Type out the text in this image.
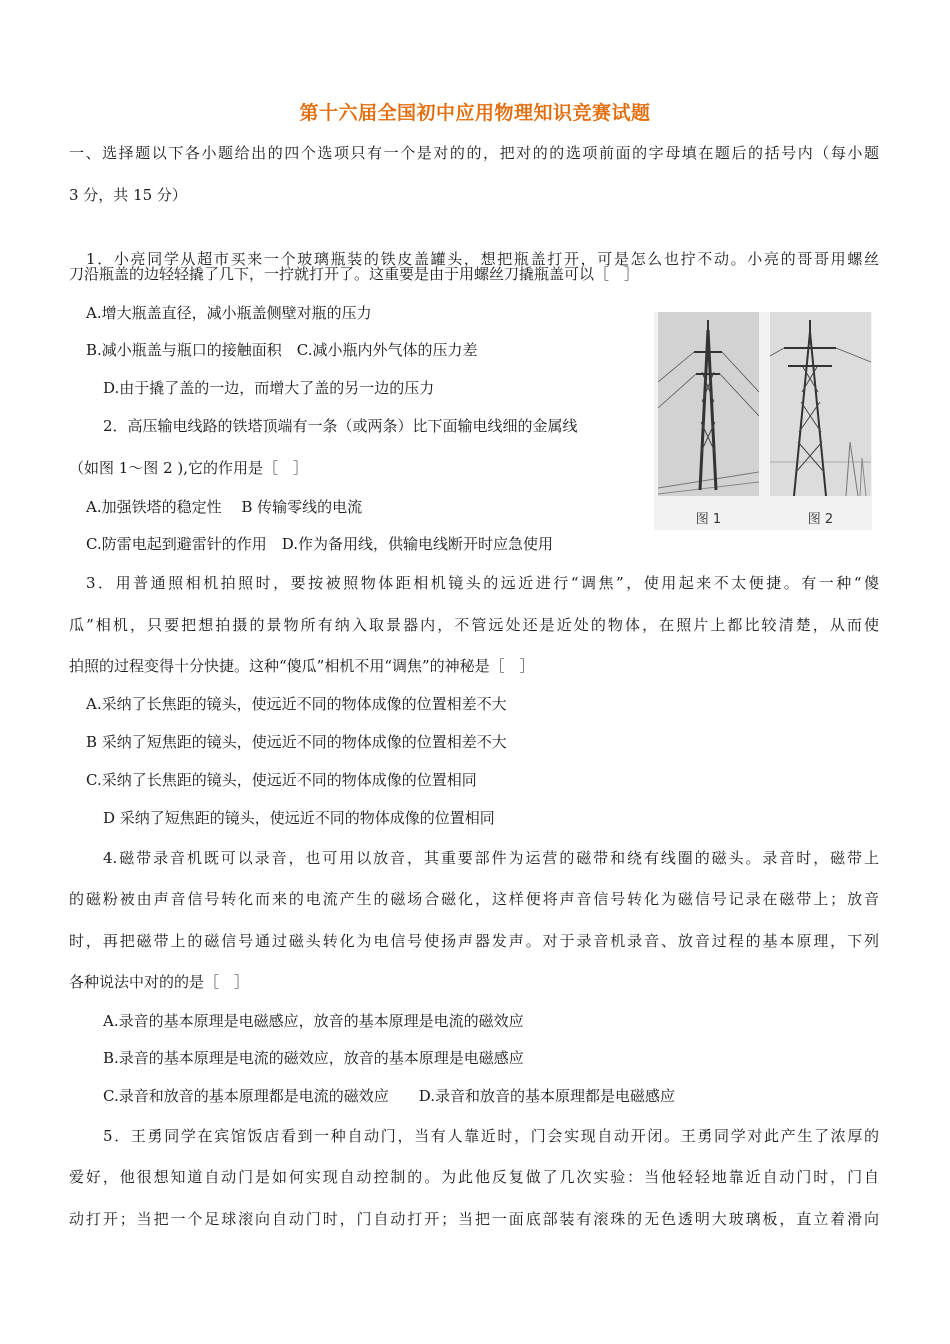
第十六届全国初中应用物理知识竞赛试题
一、选择题以下各小题给出的四个选项只有一个是对的的，把对的的选项前面的字母填在题后的括号内（每小题
3 分，共 15 分）
1．小亮同学从超市买来一个玻璃瓶装的铁皮盖罐头，想把瓶盖打开，可是怎么也拧不动。小亮的哥哥用螺丝
刀沿瓶盖的边轻轻撬了几下，一拧就打开了。这重要是由于用螺丝刀撬瓶盖可以［　］
A.增大瓶盖直径，减小瓶盖侧壁对瓶的压力
B.减小瓶盖与瓶口的接触面积　C.减小瓶内外气体的压力差
D.由于撬了盖的一边，而增大了盖的另一边的压力
2．高压输电线路的铁塔顶端有一条（或两条）比下面输电线细的金属线
（如图 1～图 2 ),它的作用是［　］
A.加强铁塔的稳定性　 B 传输零线的电流
C.防雷电起到避雷针的作用　D.作为备用线，供输电线断开时应急使用
图 1	图 2
3．用普通照相机拍照时，要按被照物体距相机镜头的远近进行“调焦”，使用起来不太便捷。有一种“傻
瓜”相机，只要把想拍摄的景物所有纳入取景器内，不管远处还是近处的物体，在照片上都比较清楚，从而使
拍照的过程变得十分快捷。这种“傻瓜”相机不用“调焦”的神秘是［　］
A.采纳了长焦距的镜头，使远近不同的物体成像的位置相差不大
B 采纳了短焦距的镜头，使远近不同的物体成像的位置相差不大
C.采纳了长焦距的镜头，使远近不同的物体成像的位置相同
D 采纳了短焦距的镜头，使远近不同的物体成像的位置相同
4.磁带录音机既可以录音，也可用以放音，其重要部件为运营的磁带和绕有线圈的磁头。录音时，磁带上
的磁粉被由声音信号转化而来的电流产生的磁场合磁化，这样便将声音信号转化为磁信号记录在磁带上；放音
时，再把磁带上的磁信号通过磁头转化为电信号使扬声器发声。对于录音机录音、放音过程的基本原理，下列
各种说法中对的的是［　］
A.录音的基本原理是电磁感应，放音的基本原理是电流的磁效应
B.录音的基本原理是电流的磁效应，放音的基本原理是电磁感应
C.录音和放音的基本原理都是电流的磁效应　　D.录音和放音的基本原理都是电磁感应
5．王勇同学在宾馆饭店看到一种自动门，当有人靠近时，门会实现自动开闭。王勇同学对此产生了浓厚的
爱好，他很想知道自动门是如何实现自动控制的。为此他反复做了几次实验：当他轻轻地靠近自动门时，门自
动打开；当把一个足球滚向自动门时，门自动打开；当把一面底部装有滚珠的无色透明大玻璃板，直立着滑向
